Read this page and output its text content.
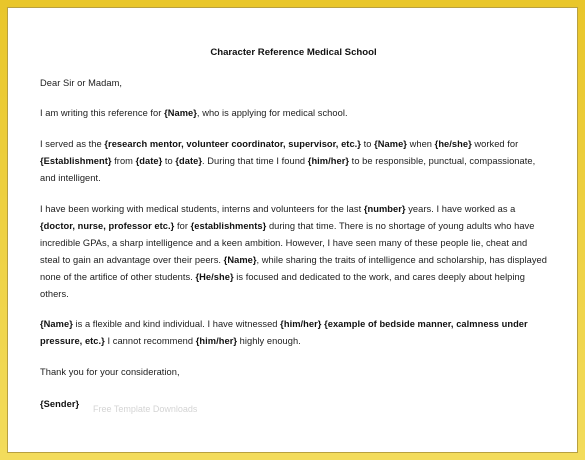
Character Reference Medical School
Dear Sir or Madam,
I am writing this reference for {Name}, who is applying for medical school.
I served as the {research mentor, volunteer coordinator, supervisor, etc.} to {Name} when {he/she} worked for
{Establishment} from {date} to {date}. During that time I found {him/her} to be responsible, punctual, compassionate,
and intelligent.
I have been working with medical students, interns and volunteers for the last {number} years. I have worked as a
{doctor, nurse, professor etc.} for {establishments} during that time. There is no shortage of young adults who have
incredible GPAs, a sharp intelligence and a keen ambition. However, I have seen many of these people lie, cheat and
steal to gain an advantage over their peers. {Name}, while sharing the traits of intelligence and scholarship, has displayed
none of the artifice of other students. {He/she} is focused and dedicated to the work, and cares deeply about helping
others.
{Name} is a flexible and kind individual. I have witnessed {him/her} {example of bedside manner, calmness under
pressure, etc.} I cannot recommend {him/her} highly enough.
Thank you for your consideration,
{Sender} Free Template Downloads
